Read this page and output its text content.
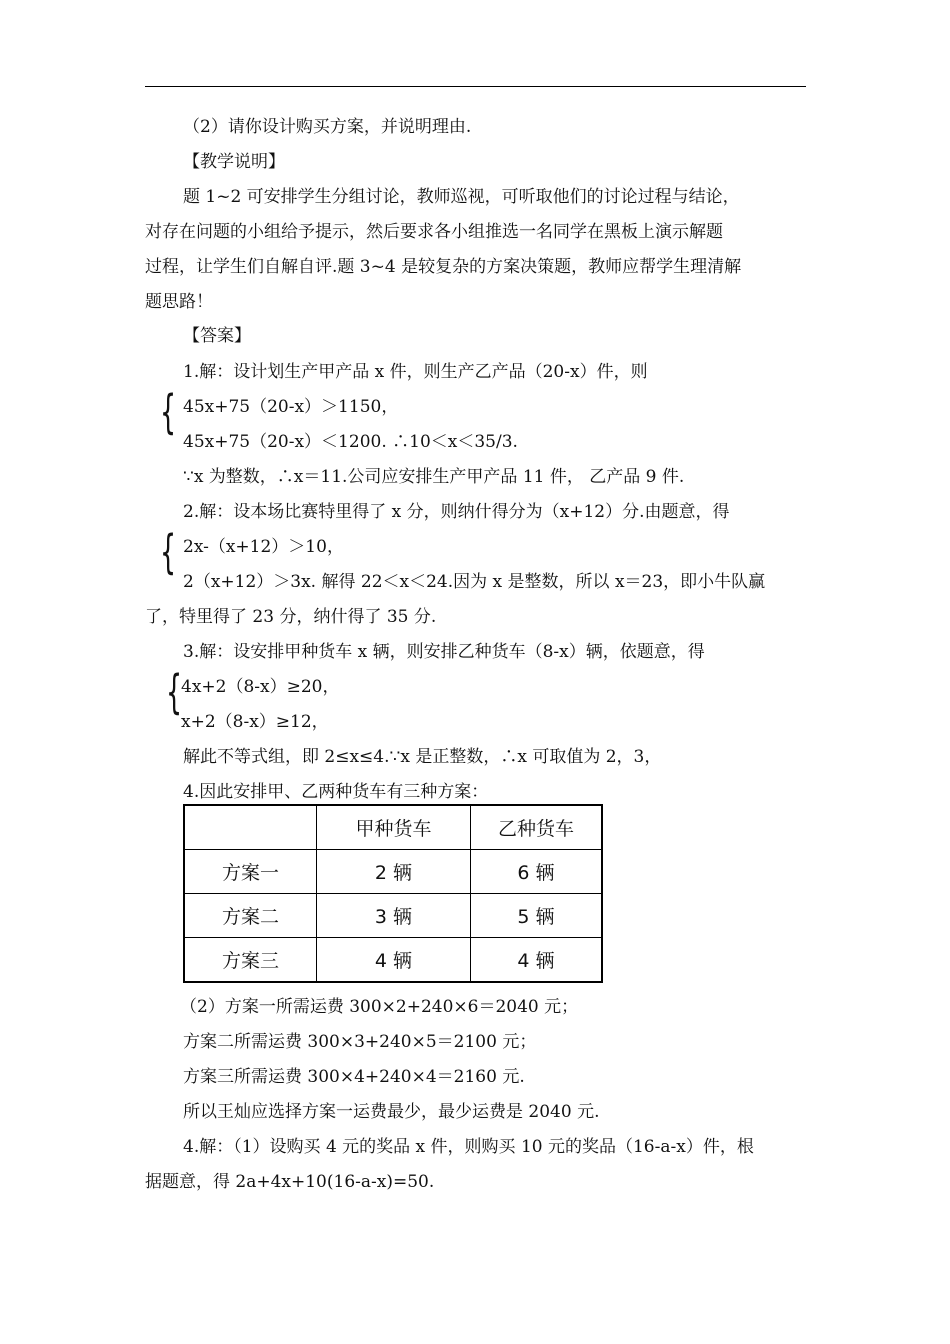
（2）请你设计购买方案，并说明理由.
【教学说明】
题 1~2 可安排学生分组讨论，教师巡视，可听取他们的讨论过程与结论，
对存在问题的小组给予提示，然后要求各小组推选一名同学在黑板上演示解题
过程，让学生们自解自评.题 3~4 是较复杂的方案决策题，教师应帮学生理清解
题思路！
【答案】
1.解：设计划生产甲产品 x 件，则生产乙产品（20-x）件，则
{ 45x+75（20-x）＞1150，
45x+75（20-x）＜1200. ∴10＜x＜35/3.
∵x 为整数，∴x＝11.公司应安排生产甲产品 11 件， 乙产品 9 件.
2.解：设本场比赛特里得了 x 分，则纳什得分为（x+12）分.由题意，得
{ 2x-（x+12）＞10，
2（x+12）＞3x. 解得 22＜x＜24.因为 x 是整数，所以 x＝23，即小牛队赢
了，特里得了 23 分，纳什得了 35 分.
3.解：设安排甲种货车 x 辆，则安排乙种货车（8-x）辆，依题意，得
{
4x+2（8-x）≥20，
x+2（8-x）≥12，
解此不等式组，即 2≤x≤4.∵x 是正整数，∴x 可取值为 2，3，
4.因此安排甲、乙两种货车有三种方案：
	甲种货车	乙种货车
方案一	2 辆	6 辆
方案二	3 辆	5 辆
方案三	4 辆	4 辆
（2）方案一所需运费 300×2+240×6＝2040 元；
方案二所需运费 300×3+240×5＝2100 元；
方案三所需运费 300×4+240×4＝2160 元.
所以王灿应选择方案一运费最少，最少运费是 2040 元.
4.解：（1）设购买 4 元的奖品 x 件，则购买 10 元的奖品（16-a-x）件，根
据题意，得 2a+4x+10(16-a-x)=50.
